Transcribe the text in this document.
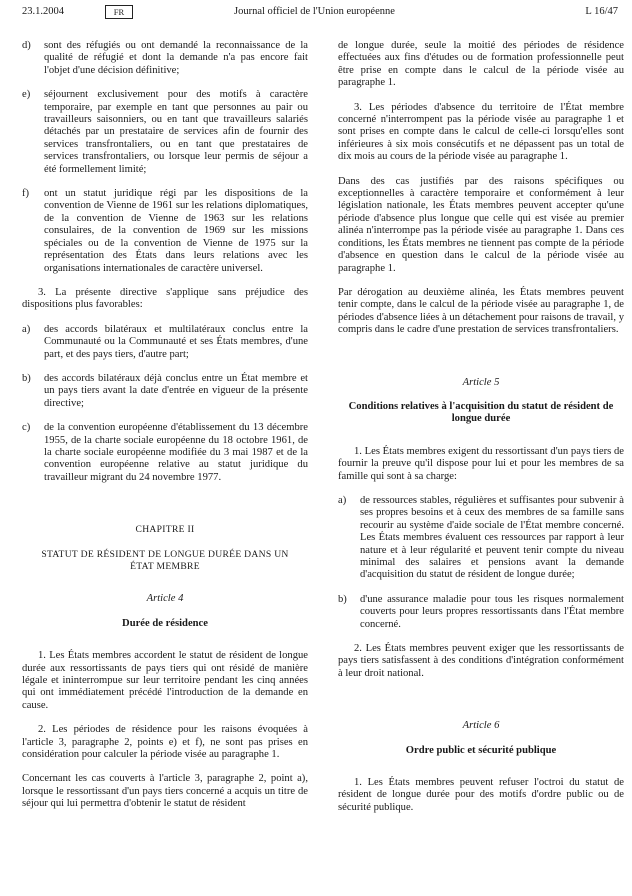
23.1.2004	FR	Journal officiel de l'Union européenne	L 16/47
d)	sont des réfugiés ou ont demandé la reconnaissance de la qualité de réfugié et dont la demande n'a pas encore fait l'objet d'une décision définitive;
e)	séjournent exclusivement pour des motifs à caractère temporaire, par exemple en tant que personnes au pair ou travailleurs saisonniers, ou en tant que travailleurs salariés détachés par un prestataire de services afin de fournir des services transfrontaliers, ou en tant que prestataires de services transfrontaliers, ou lorsque leur permis de séjour a été formellement limité;
f)	ont un statut juridique régi par les dispositions de la convention de Vienne de 1961 sur les relations diplomatiques, de la convention de Vienne de 1963 sur les relations consulaires, de la convention de 1969 sur les missions spéciales ou de la convention de Vienne de 1975 sur la représentation des États dans leurs relations avec les organisations internationales de caractère universel.

3. La présente directive s'applique sans préjudice des dispositions plus favorables:

a)	des accords bilatéraux et multilatéraux conclus entre la Communauté ou la Communauté et ses États membres, d'une part, et des pays tiers, d'autre part;
b)	des accords bilatéraux déjà conclus entre un État membre et un pays tiers avant la date d'entrée en vigueur de la présente directive;
c)	de la convention européenne d'établissement du 13 décembre 1955, de la charte sociale européenne du 18 octobre 1961, de la charte sociale européenne modifiée du 3 mai 1987 et de la convention européenne relative au statut juridique du travailleur migrant du 24 novembre 1977.
CHAPITRE II
STATUT DE RÉSIDENT DE LONGUE DURÉE DANS UN ÉTAT MEMBRE
Article 4
Durée de résidence

1. Les États membres accordent le statut de résident de longue durée aux ressortissants de pays tiers qui ont résidé de manière légale et ininterrompue sur leur territoire pendant les cinq années qui ont immédiatement précédé l'introduction de la demande en cause.

2. Les périodes de résidence pour les raisons évoquées à l'article 3, paragraphe 2, points e) et f), ne sont pas prises en considération pour calculer la période visée au paragraphe 1.

Concernant les cas couverts à l'article 3, paragraphe 2, point a), lorsque le ressortissant d'un pays tiers concerné a acquis un titre de séjour qui lui permettra d'obtenir le statut de résident

de longue durée, seule la moitié des périodes de résidence effectuées aux fins d'études ou de formation professionnelle peut être prise en compte dans le calcul de la période visée au paragraphe 1.

3. Les périodes d'absence du territoire de l'État membre concerné n'interrompent pas la période visée au paragraphe 1 et sont prises en compte dans le calcul de celle-ci lorsqu'elles sont inférieures à six mois consécutifs et ne dépassent pas un total de dix mois au cours de la période visée au paragraphe 1.

Dans des cas justifiés par des raisons spécifiques ou exceptionnelles à caractère temporaire et conformément à leur législation nationale, les États membres peuvent accepter qu'une période d'absence plus longue que celle qui est visée au premier alinéa n'interrompe pas la période visée au paragraphe 1. Dans ces conditions, les États membres ne tiennent pas compte de la période d'absence en question dans le calcul de la période visée au paragraphe 1.

Par dérogation au deuxième alinéa, les États membres peuvent tenir compte, dans le calcul de la période visée au paragraphe 1, de périodes d'absence liées à un détachement pour raisons de travail, y compris dans le cadre d'une prestation de services transfrontaliers.

Article 5
Conditions relatives à l'acquisition du statut de résident de longue durée

1. Les États membres exigent du ressortissant d'un pays tiers de fournir la preuve qu'il dispose pour lui et pour les membres de sa famille qui sont à sa charge:

a)	de ressources stables, régulières et suffisantes pour subvenir à ses propres besoins et à ceux des membres de sa famille sans recourir au système d'aide sociale de l'État membre concerné. Les États membres évaluent ces ressources par rapport à leur nature et à leur régularité et peuvent tenir compte du niveau minimal des salaires et pensions avant la demande d'acquisition du statut de résident de longue durée;
b)	d'une assurance maladie pour tous les risques normalement couverts pour leurs propres ressortissants dans l'État membre concerné.

2. Les États membres peuvent exiger que les ressortissants de pays tiers satisfassent à des conditions d'intégration conformément à leur droit national.

Article 6
Ordre public et sécurité publique

1. Les États membres peuvent refuser l'octroi du statut de résident de longue durée pour des motifs d'ordre public ou de sécurité publique.
